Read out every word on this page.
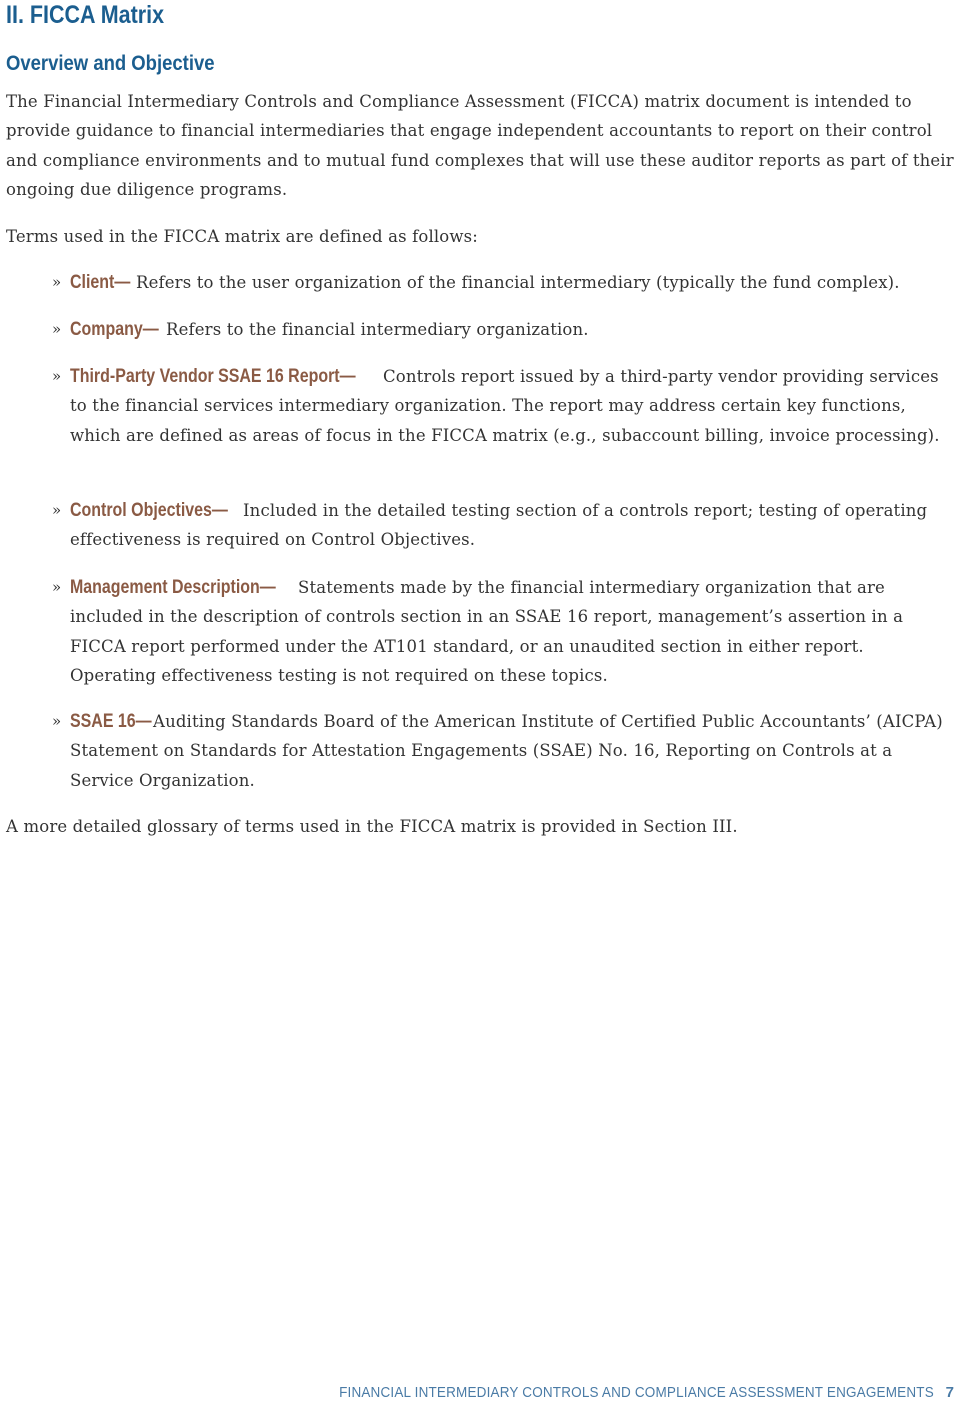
II. FICCA Matrix
Overview and Objective

The Financial Intermediary Controls and Compliance Assessment (FICCA) matrix document is intended to provide guidance to financial intermediaries that engage independent accountants to report on their control and compliance environments and to mutual fund complexes that will use these auditor reports as part of their ongoing due diligence programs.

Terms used in the FICCA matrix are defined as follows:

» Client— Refers to the user organization of the financial intermediary (typically the fund complex).

» Company— Refers to the financial intermediary organization.

» Third-Party Vendor SSAE 16 Report— Controls report issued by a third-party vendor providing services to the financial services intermediary organization. The report may address certain key functions, which are defined as areas of focus in the FICCA matrix (e.g., subaccount billing, invoice processing).

» Control Objectives— Included in the detailed testing section of a controls report; testing of operating effectiveness is required on Control Objectives.

» Management Description— Statements made by the financial intermediary organization that are included in the description of controls section in an SSAE 16 report, management’s assertion in a FICCA report performed under the AT101 standard, or an unaudited section in either report. Operating effectiveness testing is not required on these topics.

» SSAE 16—Auditing Standards Board of the American Institute of Certified Public Accountants’ (AICPA) Statement on Standards for Attestation Engagements (SSAE) No. 16, Reporting on Controls at a Service Organization.

A more detailed glossary of terms used in the FICCA matrix is provided in Section III.

FINANCIAL INTERMEDIARY CONTROLS AND COMPLIANCE ASSESSMENT ENGAGEMENTS 7
